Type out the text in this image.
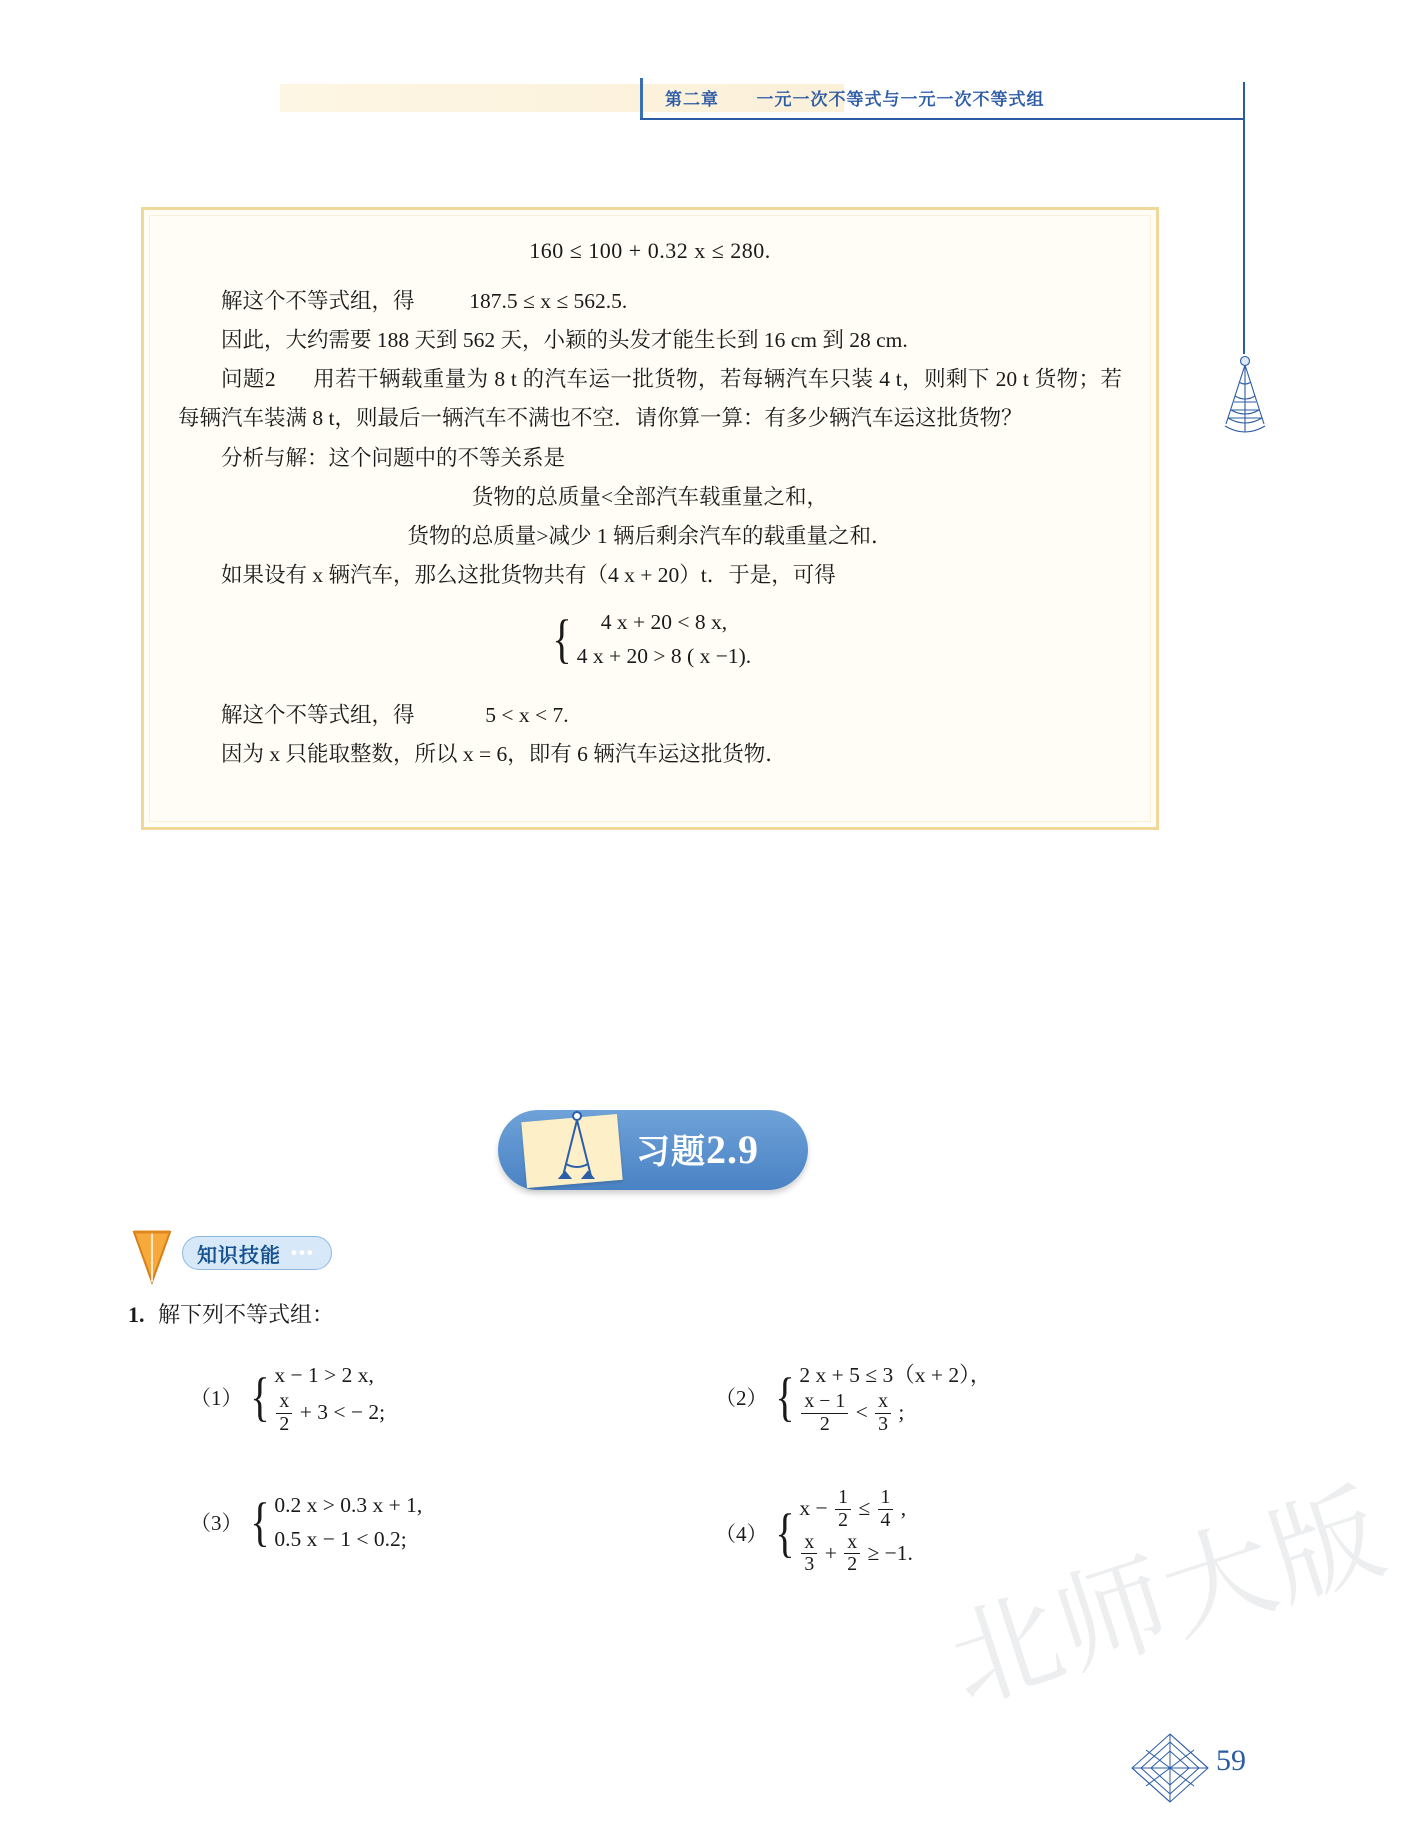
第二章 一元一次不等式与一元一次不等式组
160 ≤ 100 + 0.32 x ≤ 280.

解这个不等式组，得	187.5 ≤ x ≤ 562.5.

因此，大约需要 188 天到 562 天，小颖的头发才能生长到 16 cm 到 28 cm.

问题2 用若干辆载重量为 8 t 的汽车运一批货物，若每辆汽车只装 4 t，则剩下 20 t 货物；若每辆汽车装满 8 t，则最后一辆汽车不满也不空．请你算一算：有多少辆汽车运这批货物？

分析与解：这个问题中的不等关系是

货物的总质量<全部汽车载重量之和，

货物的总质量>减少 1 辆后剩余汽车的载重量之和．

如果设有 x 辆汽车，那么这批货物共有（4 x + 20）t．于是，可得

{	4 x + 20 < 8 x,
4 x + 20 > 8 ( x −1).

解这个不等式组，得	5 < x < 7.

因为 x 只能取整数，所以 x = 6，即有 6 辆汽车运这批货物．

习题2.9
知识技能 •••
1. 解下列不等式组：
（1） { x − 1 > 2 x,
$\frac{x}{2} + 3$ < − 2;
（2） { 2 x + 5 ≤ 3（x + 2），
$\frac{x - 1}{2} < \frac{x}{3}$ ;
（3） { 0.2 x > 0.3 x + 1,
0.5 x − 1 < 0.2;	（4） { $x - \frac{1}{2} \le \frac{1}{4}$ ,
$\frac{x}{3} + \frac{x}{2} \ge -1$. 北师大版
59
